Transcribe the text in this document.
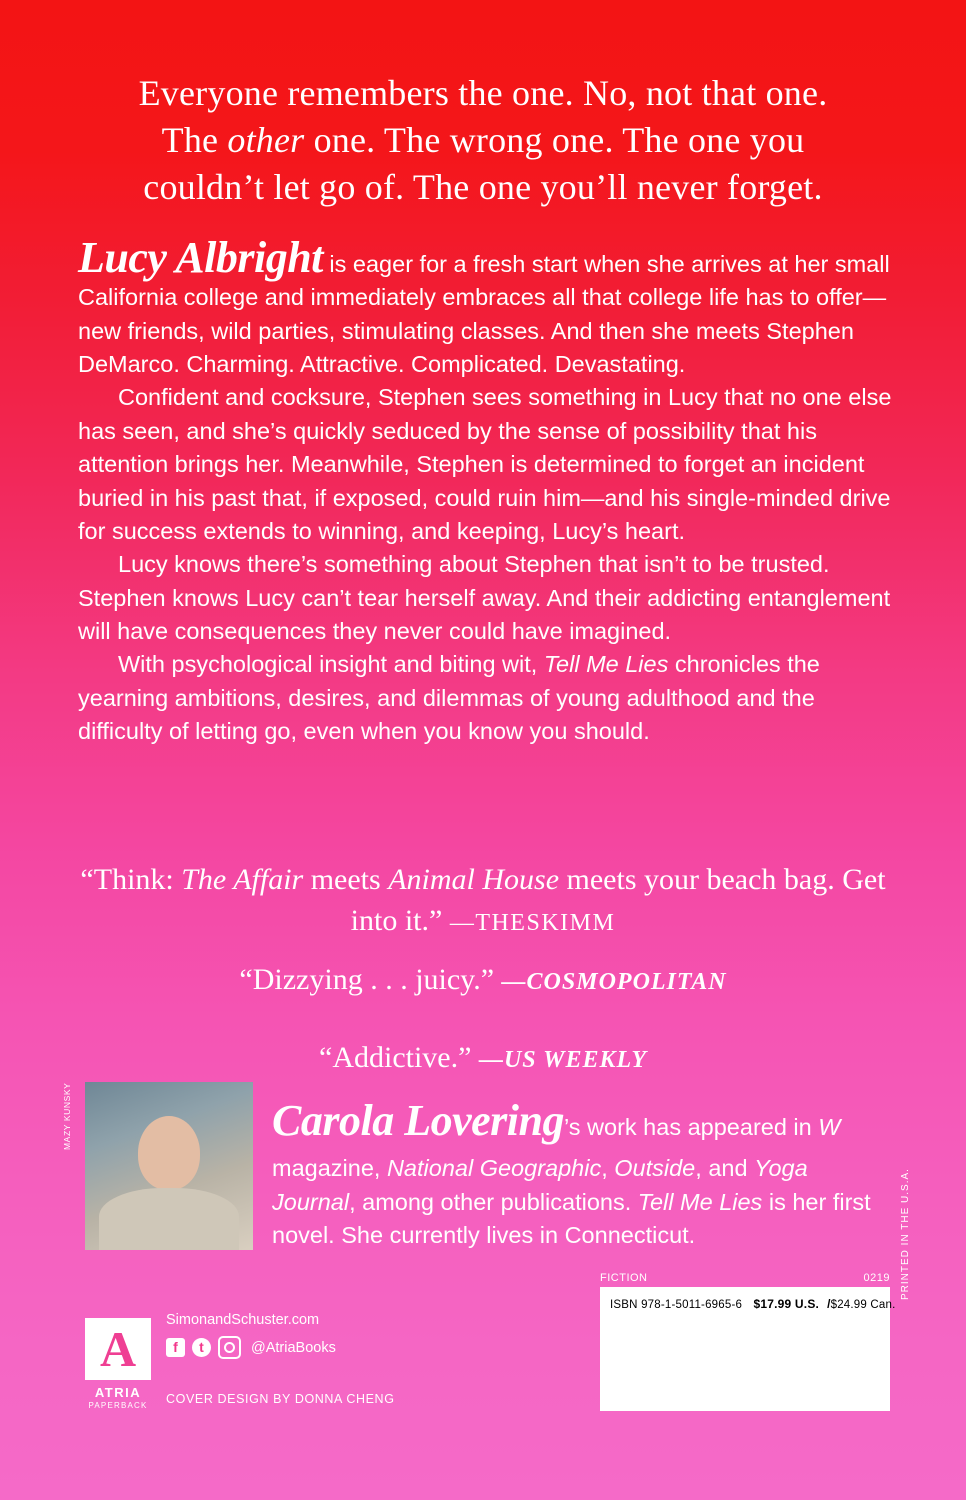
Everyone remembers the one. No, not that one.
The other one. The wrong one. The one you
couldn’t let go of. The one you’ll never forget.

Lucy Albright is eager for a fresh start when she arrives at her small California college and immediately embraces all that college life has to offer—new friends, wild parties, stimulating classes. And then she meets Stephen DeMarco. Charming. Attractive. Complicated. Devastating.

Confident and cocksure, Stephen sees something in Lucy that no one else has seen, and she’s quickly seduced by the sense of possibility that his attention brings her. Meanwhile, Stephen is determined to forget an incident buried in his past that, if exposed, could ruin him—and his single-minded drive for success extends to winning, and keeping, Lucy’s heart.

Lucy knows there’s something about Stephen that isn’t to be trusted. Stephen knows Lucy can’t tear herself away. And their addicting entanglement will have consequences they never could have imagined.

With psychological insight and biting wit, Tell Me Lies chronicles the yearning ambitions, desires, and dilemmas of young adulthood and the difficulty of letting go, even when you know you should.

“Think: The Affair meets Animal House meets your beach bag. Get into it.” —THESKIMM
“Dizzying . . . juicy.” —COSMOPOLITAN
“Addictive.” —US WEEKLY
MAZY KUNSKY	Carola Lovering’s work has appeared in W magazine, National Geographic, Outside, and Yoga Journal, among other publications. Tell Me Lies is her first novel. She currently lives in Connecticut.
FICTION	0219
ISBN 978-1-5011-6965-6 $17.99 U.S. /$24.99 Can.
PRINTED IN THE U.S.A.
A
ATRIA
PAPERBACK
SimonandSchuster.com
f	t	@AtriaBooks
COVER DESIGN BY DONNA CHENG
